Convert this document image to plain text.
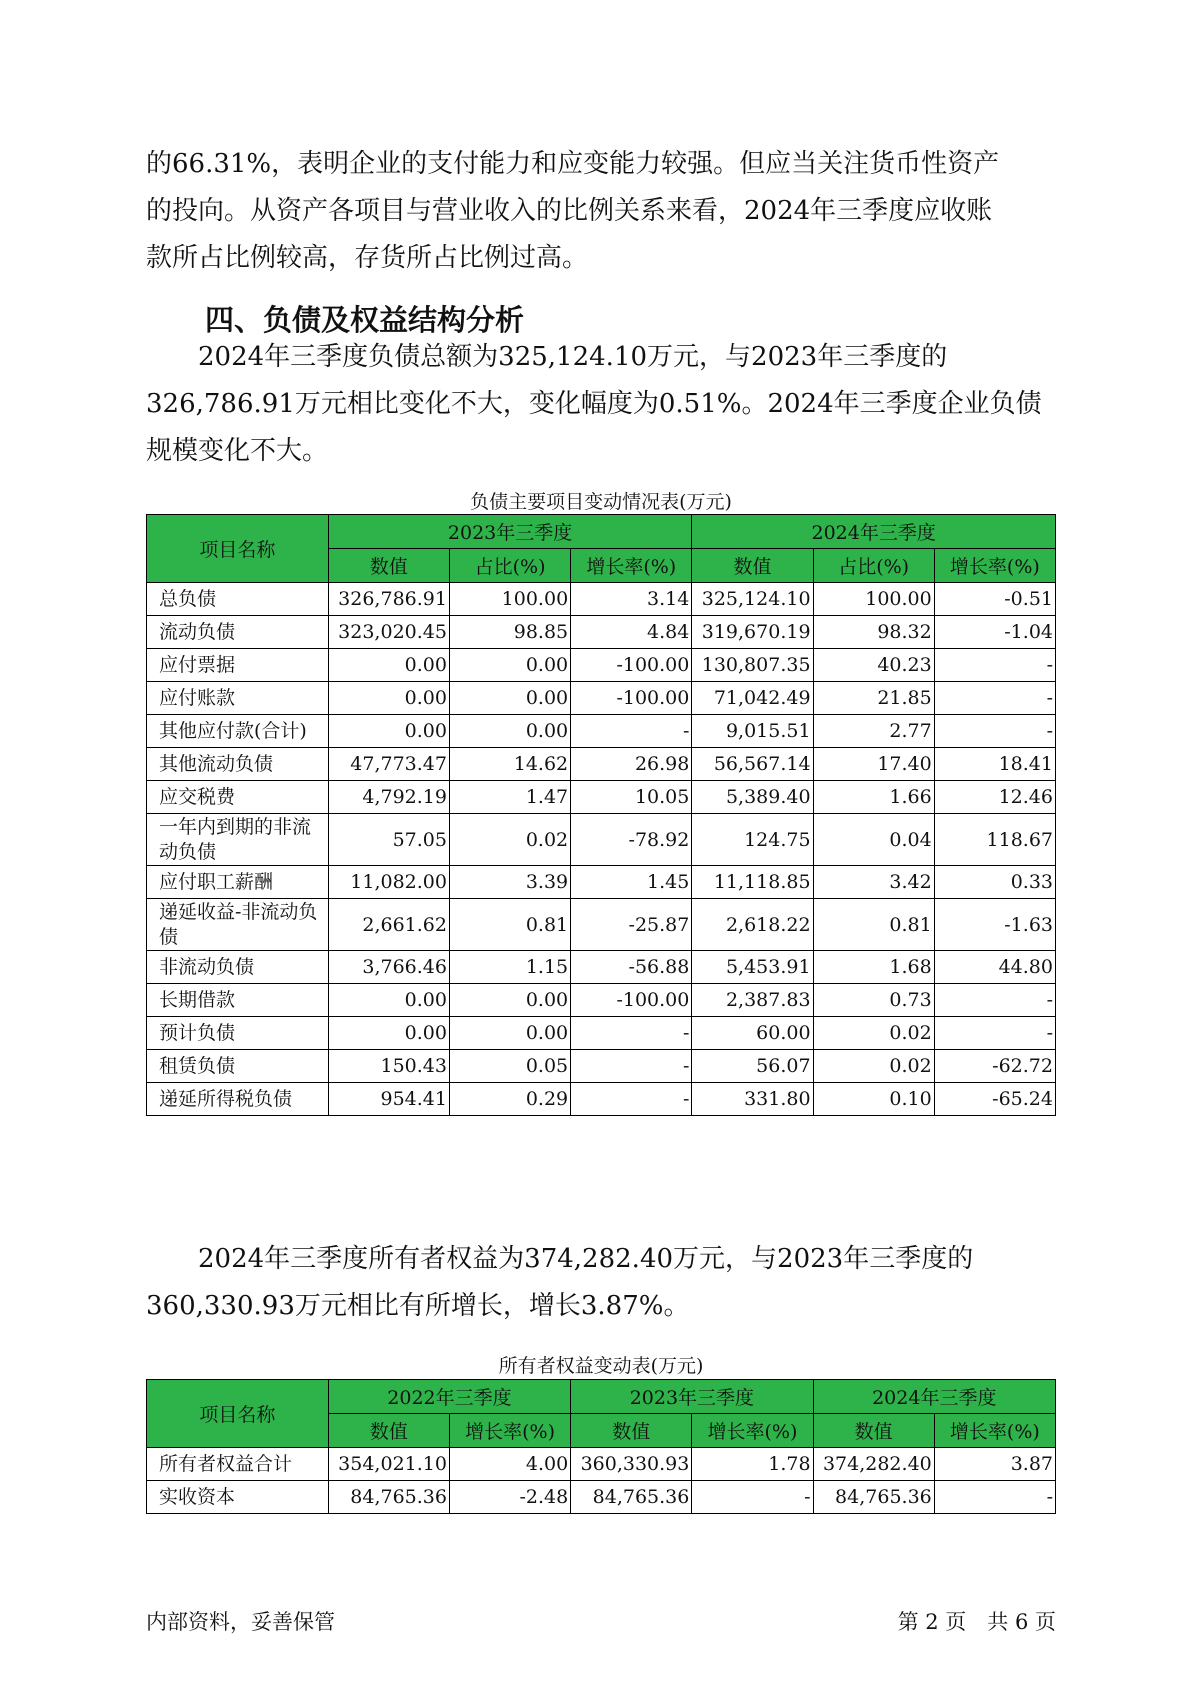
的66.31%，表明企业的支付能力和应变能力较强。但应当关注货币性资产
的投向。从资产各项目与营业收入的比例关系来看，2024年三季度应收账
款所占比例较高，存货所占比例过高。

四、负债及权益结构分析

　　2024年三季度负债总额为325,124.10万元，与2023年三季度的
326,786.91万元相比变化不大，变化幅度为0.51%。2024年三季度企业负债
规模变化不大。

负债主要项目变动情况表(万元)

项目名称	2023年三季度			2024年三季度		
	数值	占比(%)	增长率(%)	数值	占比(%)	增长率(%)
总负债	326,786.91	100.00	3.14	325,124.10	100.00	-0.51
流动负债	323,020.45	98.85	4.84	319,670.19	98.32	-1.04
应付票据	0.00	0.00	-100.00	130,807.35	40.23	-
应付账款	0.00	0.00	-100.00	71,042.49	21.85	-
其他应付款(合计)	0.00	0.00	-	9,015.51	2.77	-
其他流动负债	47,773.47	14.62	26.98	56,567.14	17.40	18.41
应交税费	4,792.19	1.47	10.05	5,389.40	1.66	12.46
一年内到期的非流动负债	57.05	0.02	-78.92	124.75	0.04	118.67
应付职工薪酬	11,082.00	3.39	1.45	11,118.85	3.42	0.33
递延收益-非流动负债	2,661.62	0.81	-25.87	2,618.22	0.81	-1.63
非流动负债	3,766.46	1.15	-56.88	5,453.91	1.68	44.80
长期借款	0.00	0.00	-100.00	2,387.83	0.73	-
预计负债	0.00	0.00	-	60.00	0.02	-
租赁负债	150.43	0.05	-	56.07	0.02	-62.72
递延所得税负债	954.41	0.29	-	331.80	0.10	-65.24

　　2024年三季度所有者权益为374,282.40万元，与2023年三季度的
360,330.93万元相比有所增长，增长3.87%。

所有者权益变动表(万元)

项目名称	2022年三季度		2023年三季度		2024年三季度	
	数值	增长率(%)	数值	增长率(%)	数值	增长率(%)
所有者权益合计	354,021.10	4.00	360,330.93	1.78	374,282.40	3.87
实收资本	84,765.36	-2.48	84,765.36	-	84,765.36	-

内部资料，妥善保管	第 2 页　共 6 页
